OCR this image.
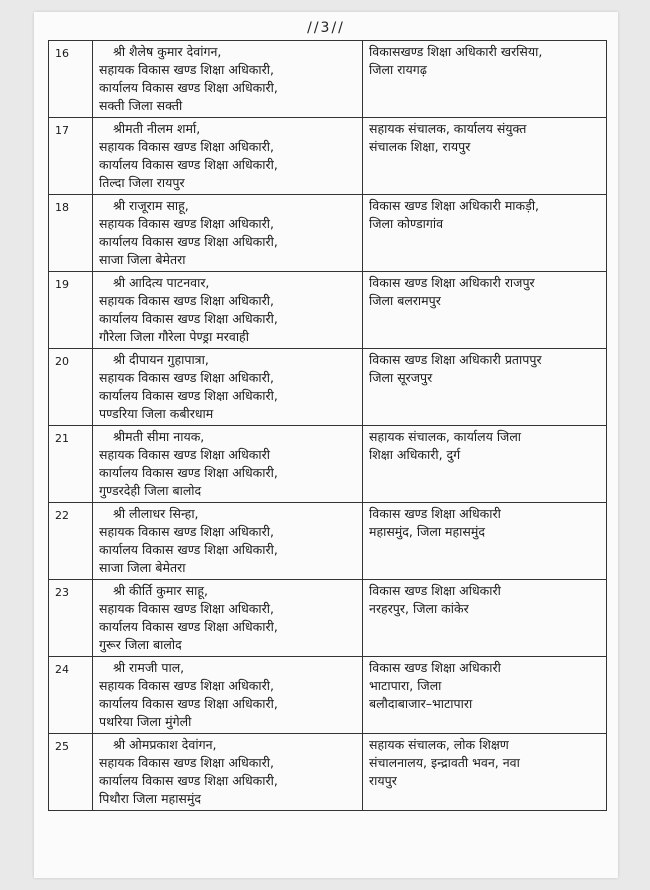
//3//
16	श्री शैलेष कुमार देवांगन,
सहायक विकास खण्ड शिक्षा अधिकारी,
कार्यालय विकास खण्ड शिक्षा अधिकारी,
सक्ती जिला सक्ती	विकासखण्ड शिक्षा अधिकारी खरसिया,
जिला रायगढ़

17	श्रीमती नीलम शर्मा,
सहायक विकास खण्ड शिक्षा अधिकारी,
कार्यालय विकास खण्ड शिक्षा अधिकारी,
तिल्दा जिला रायपुर	सहायक संचालक, कार्यालय संयुक्त
संचालक शिक्षा, रायपुर

18	श्री राजूराम साहू,
सहायक विकास खण्ड शिक्षा अधिकारी,
कार्यालय विकास खण्ड शिक्षा अधिकारी,
साजा जिला बेमेतरा	विकास खण्ड शिक्षा अधिकारी माकड़ी,
जिला कोण्डागांव

19	श्री आदित्य पाटनवार,
सहायक विकास खण्ड शिक्षा अधिकारी,
कार्यालय विकास खण्ड शिक्षा अधिकारी,
गौरेला जिला गौरेला पेण्ड्रा मरवाही	विकास खण्ड शिक्षा अधिकारी राजपुर
जिला बलरामपुर

20	श्री दीपायन गुहापात्रा,
सहायक विकास खण्ड शिक्षा अधिकारी,
कार्यालय विकास खण्ड शिक्षा अधिकारी,
पण्डरिया जिला कबीरधाम	विकास खण्ड शिक्षा अधिकारी प्रतापपुर
जिला सूरजपुर

21	श्रीमती सीमा नायक,
सहायक विकास खण्ड शिक्षा अधिकारी
कार्यालय विकास खण्ड शिक्षा अधिकारी,
गुण्डरदेही जिला बालोद	सहायक संचालक, कार्यालय जिला
शिक्षा अधिकारी, दुर्ग

22	श्री लीलाधर सिन्हा,
सहायक विकास खण्ड शिक्षा अधिकारी,
कार्यालय विकास खण्ड शिक्षा अधिकारी,
साजा जिला बेमेतरा	विकास खण्ड शिक्षा अधिकारी
महासमुंद, जिला महासमुंद

23	श्री कीर्ति कुमार साहू,
सहायक विकास खण्ड शिक्षा अधिकारी,
कार्यालय विकास खण्ड शिक्षा अधिकारी,
गुरूर जिला बालोद	विकास खण्ड शिक्षा अधिकारी
नरहरपुर, जिला कांकेर

24	श्री रामजी पाल,
सहायक विकास खण्ड शिक्षा अधिकारी,
कार्यालय विकास खण्ड शिक्षा अधिकारी,
पथरिया जिला मुंगेली	विकास खण्ड शिक्षा अधिकारी
भाटापारा, जिला
बलौदाबाजार–भाटापारा

25	श्री ओमप्रकाश देवांगन,
सहायक विकास खण्ड शिक्षा अधिकारी,
कार्यालय विकास खण्ड शिक्षा अधिकारी,
पिथौरा जिला महासमुंद	सहायक संचालक, लोक शिक्षण
संचालनालय, इन्द्रावती भवन, नवा
रायपुर
